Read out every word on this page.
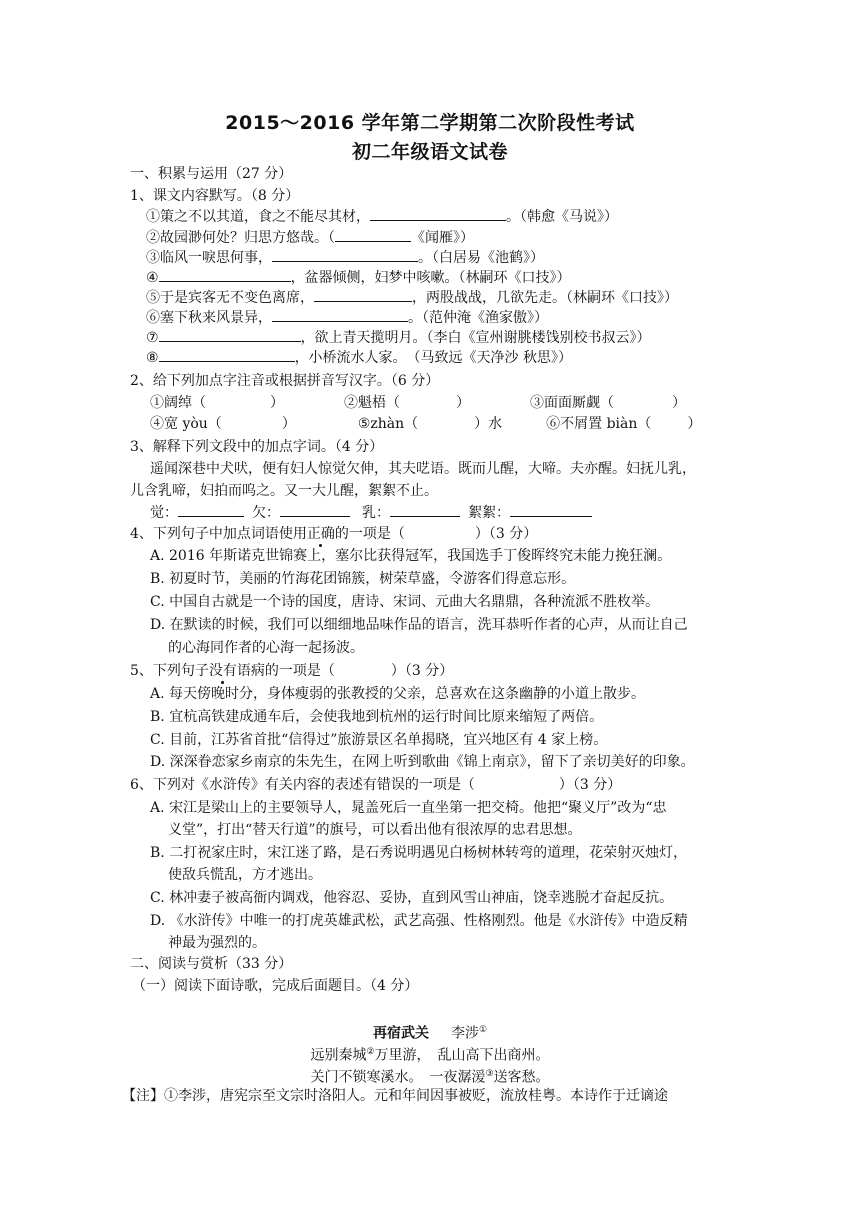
2015～2016 学年第二学期第二次阶段性考试
初二年级语文试卷
一、积累与运用（27 分）
1、课文内容默写。（8 分）
①策之不以其道，食之不能尽其材，	。（韩愈《马说》）
②故园渺何处？归思方悠哉。（	《闻雁》）
③临风一唳思何事，	。（白居易《池鹤》）
④	，盆器倾侧，妇梦中咳嗽。（林嗣环《口技》）
⑤于是宾客无不变色离席，	，两股战战，几欲先走。（林嗣环《口技》）
⑥塞下秋来风景异，	。（范仲淹《渔家傲》）
⑦	，欲上青天揽明月。（李白《宣州谢朓楼饯别校书叔云》）
⑧	，小桥流水人家。　（马致远《天净沙 秋思》）
2、给下列加点字注音或根据拼音写汉字。（6 分）
①阔绰（	）	②魁梧（	）	③面面厮觑（	）
④宽 yòu（	）	⑤zhàn（	）水	⑥不屑置 biàn（	）
3、解释下列文段中的加点字词。（4 分）
遥闻深巷中犬吠，便有妇人惊觉欠伸，其夫呓语。既而儿醒，大啼。夫亦醒。妇抚儿乳，
儿含乳啼，妇拍而呜之。又一大儿醒，絮絮不止。
觉：	欠：	乳：	絮絮：
4、下列句子中加点词语使用正确的一项是（　　　　　）（3 分）
A. 2016 年斯诺克世锦赛上，塞尔比获得冠军，我国选手丁俊晖终究未能力挽狂澜。
B. 初夏时节，美丽的竹海花团锦簇，树荣草盛，令游客们得意忘形。
C. 中国自古就是一个诗的国度，唐诗、宋词、元曲大名鼎鼎，各种流派不胜枚举。
D. 在默读的时候，我们可以细细地品味作品的语言，洗耳恭听作者的心声，从而让自己
的心海同作者的心海一起扬波。
5、下列句子没有语病的一项是（　　　　）（3 分）
A. 每天傍晚时分，身体瘦弱的张教授的父亲，总喜欢在这条幽静的小道上散步。
B. 宜杭高铁建成通车后，会使我地到杭州的运行时间比原来缩短了两倍。
C. 目前，江苏省首批“信得过”旅游景区名单揭晓，宜兴地区有 4 家上榜。
D. 深深眷恋家乡南京的朱先生，在网上听到歌曲《锦上南京》，留下了亲切美好的印象。
6、下列对《水浒传》有关内容的表述有错误的一项是（　　　　　　）（3 分）
A. 宋江是梁山上的主要领导人，晁盖死后一直坐第一把交椅。他把“聚义厅”改为“忠
义堂”，打出“替天行道”的旗号，可以看出他有很浓厚的忠君思想。
B. 二打祝家庄时，宋江迷了路，是石秀说明遇见白杨树林转弯的道理，花荣射灭烛灯，
使敌兵慌乱，方才逃出。
C. 林冲妻子被高衙内调戏，他容忍、妥协，直到风雪山神庙，饶幸逃脱才奋起反抗。
D. 《水浒传》中唯一的打虎英雄武松，武艺高强、性格刚烈。他是《水浒传》中造反精
神最为强烈的。
二、阅读与赏析（33 分）
（一）阅读下面诗歌，完成后面题目。（4 分）
再宿武关 李涉①
远别秦城②万里游，　乱山高下出商州。
关门不锁寒溪水。　一夜潺湲③送客愁。
【注】①李涉，唐宪宗至文宗时洛阳人。元和年间因事被贬，流放桂粤。本诗作于迁谪途
